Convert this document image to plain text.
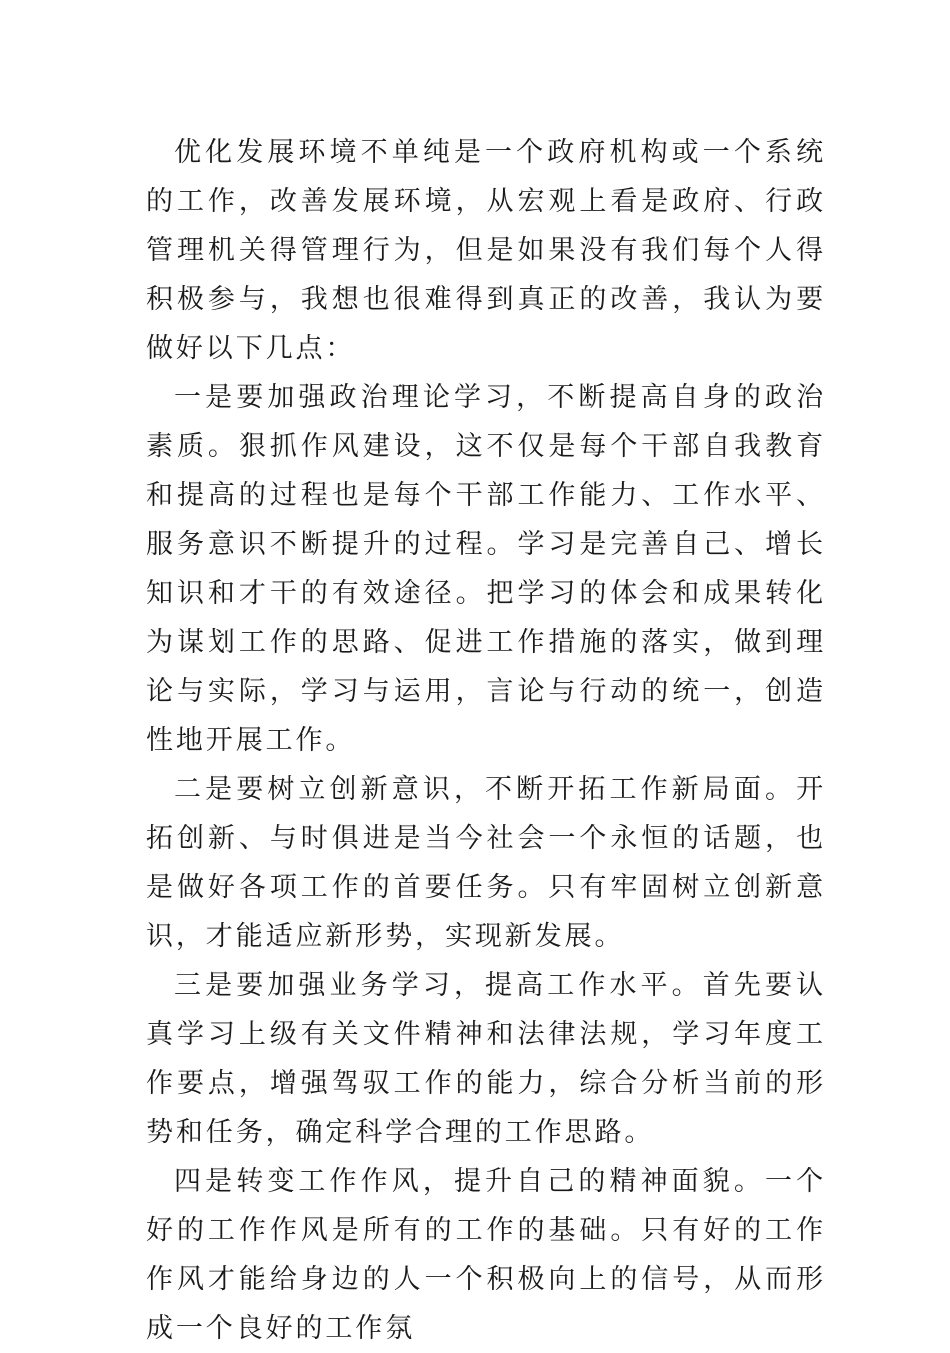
优化发展环境不单纯是一个政府机构或一个系统的工作，改善发展环境，从宏观上看是政府、行政管理机关得管理行为，但是如果没有我们每个人得积极参与，我想也很难得到真正的改善，我认为要做好以下几点：

一是要加强政治理论学习，不断提高自身的政治素质。狠抓作风建设，这不仅是每个干部自我教育和提高的过程也是每个干部工作能力、工作水平、服务意识不断提升的过程。学习是完善自己、增长知识和才干的有效途径。把学习的体会和成果转化为谋划工作的思路、促进工作措施的落实，做到理论与实际，学习与运用，言论与行动的统一，创造性地开展工作。

二是要树立创新意识，不断开拓工作新局面。开拓创新、与时俱进是当今社会一个永恒的话题，也是做好各项工作的首要任务。只有牢固树立创新意识，才能适应新形势，实现新发展。

三是要加强业务学习，提高工作水平。首先要认真学习上级有关文件精神和法律法规，学习年度工作要点，增强驾驭工作的能力，综合分析当前的形势和任务，确定科学合理的工作思路。

四是转变工作作风，提升自己的精神面貌。一个好的工作作风是所有的工作的基础。只有好的工作作风才能给身边的人一个积极向上的信号，从而形成一个良好的工作氛
